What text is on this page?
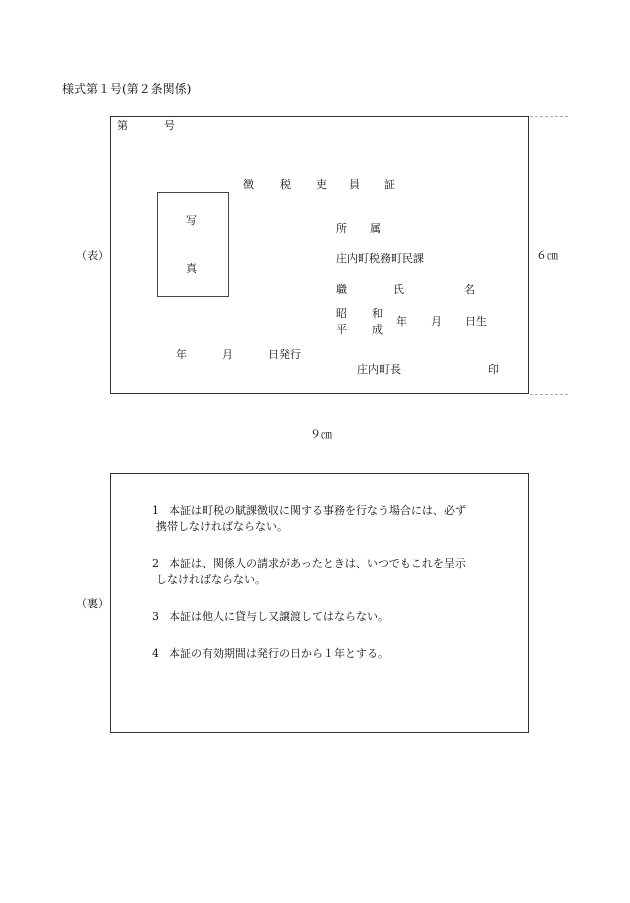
様式第１号(第２条関係)
（表）
第	号
徴 税 吏 員 証
写
真
所 属
庄内町税務町民課
職	氏	名
昭 和
平 成
年 月 日生
年	月	日発行
庄内町長	印
６㎝
９㎝
（裏）
1 本証は町税の賦課徴収に関する事務を行なう場合には、必ず
携帯しなければならない。
2 本証は、関係人の請求があったときは、いつでもこれを呈示
しなければならない。
3 本証は他人に貸与し又譲渡してはならない。
4 本証の有効期間は発行の日から１年とする。
